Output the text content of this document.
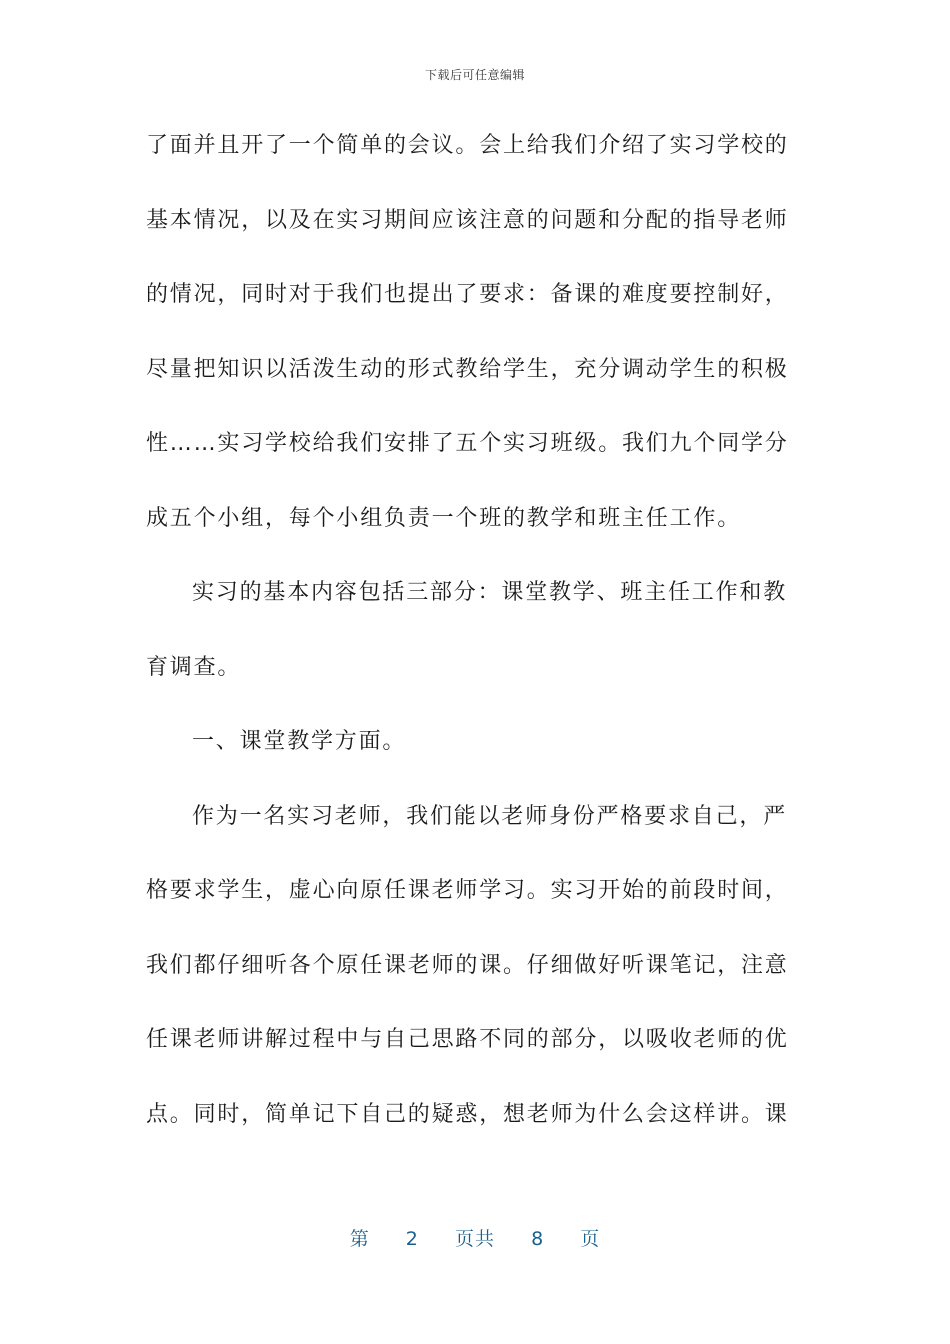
下载后可任意编辑
了面并且开了一个简单的会议。会上给我们介绍了实习学校的
基本情况，以及在实习期间应该注意的问题和分配的指导老师
的情况，同时对于我们也提出了要求：备课的难度要控制好，
尽量把知识以活泼生动的形式教给学生，充分调动学生的积极
性……实习学校给我们安排了五个实习班级。我们九个同学分
成五个小组，每个小组负责一个班的教学和班主任工作。
实习的基本内容包括三部分：课堂教学、班主任工作和教
育调查。
一、课堂教学方面。
作为一名实习老师，我们能以老师身份严格要求自己，严
格要求学生，虚心向原任课老师学习。实习开始的前段时间，
我们都仔细听各个原任课老师的课。仔细做好听课笔记，注意
任课老师讲解过程中与自己思路不同的部分，以吸收老师的优
点。同时，简单记下自己的疑惑，想老师为什么会这样讲。课
第 2 页共 8 页
